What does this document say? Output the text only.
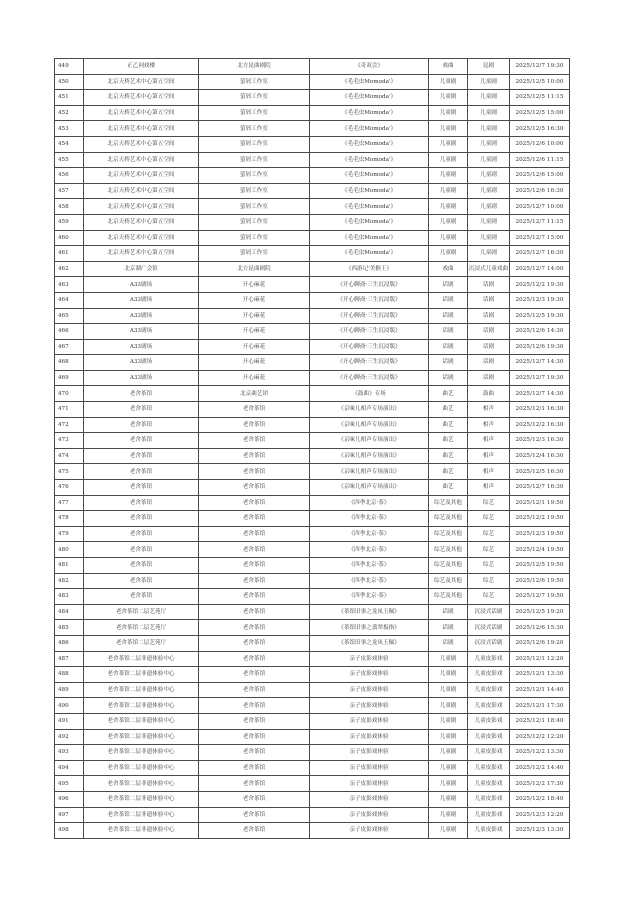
449	正乙祠戏楼	北方昆曲剧院	《奇双会》	戏曲	昆剧	2025/12/7 19:30
450	北京天桥艺术中心第五空间	萤屑工作室	《毛毛虫Momoda'》	儿童剧	儿童剧	2025/12/5 10:00
451	北京天桥艺术中心第五空间	萤屑工作室	《毛毛虫Momoda'》	儿童剧	儿童剧	2025/12/5 11:15
452	北京天桥艺术中心第五空间	萤屑工作室	《毛毛虫Momoda'》	儿童剧	儿童剧	2025/12/5 15:00
453	北京天桥艺术中心第五空间	萤屑工作室	《毛毛虫Momoda'》	儿童剧	儿童剧	2025/12/5 16:30
454	北京天桥艺术中心第五空间	萤屑工作室	《毛毛虫Momoda'》	儿童剧	儿童剧	2025/12/6 10:00
455	北京天桥艺术中心第五空间	萤屑工作室	《毛毛虫Momoda'》	儿童剧	儿童剧	2025/12/6 11:15
456	北京天桥艺术中心第五空间	萤屑工作室	《毛毛虫Momoda'》	儿童剧	儿童剧	2025/12/6 15:00
457	北京天桥艺术中心第五空间	萤屑工作室	《毛毛虫Momoda'》	儿童剧	儿童剧	2025/12/6 16:30
458	北京天桥艺术中心第五空间	萤屑工作室	《毛毛虫Momoda'》	儿童剧	儿童剧	2025/12/7 10:00
459	北京天桥艺术中心第五空间	萤屑工作室	《毛毛虫Momoda'》	儿童剧	儿童剧	2025/12/7 11:15
460	北京天桥艺术中心第五空间	萤屑工作室	《毛毛虫Momoda'》	儿童剧	儿童剧	2025/12/7 15:00
461	北京天桥艺术中心第五空间	萤屑工作室	《毛毛虫Momoda'》	儿童剧	儿童剧	2025/12/7 16:30
462	北京湖广会馆	北方昆曲剧院	《西游记'美猴王》	戏曲	沉浸式儿童戏曲	2025/12/7 14:00
463	A33剧场	开心麻花	《开心聊斋·三生沉浸版》	话剧	话剧	2025/12/2 19:30
464	A33剧场	开心麻花	《开心聊斋·三生沉浸版》	话剧	话剧	2025/12/3 19:30
465	A33剧场	开心麻花	《开心聊斋·三生沉浸版》	话剧	话剧	2025/12/5 19:30
466	A33剧场	开心麻花	《开心聊斋·三生沉浸版》	话剧	话剧	2025/12/6 14:30
467	A33剧场	开心麻花	《开心聊斋·三生沉浸版》	话剧	话剧	2025/12/6 19:30
468	A33剧场	开心麻花	《开心聊斋·三生沉浸版》	话剧	话剧	2025/12/7 14:30
469	A33剧场	开心麻花	《开心聊斋·三生沉浸版》	话剧	话剧	2025/12/7 19:30
470	老舍茶馆	北京曲艺团	《鼓曲》专场	曲艺	鼓曲	2025/12/7 14:30
471	老舍茶馆	老舍茶馆	《京味儿相声专场演出》	曲艺	相声	2025/12/1 16:30
472	老舍茶馆	老舍茶馆	《京味儿相声专场演出》	曲艺	相声	2025/12/2 16:30
473	老舍茶馆	老舍茶馆	《京味儿相声专场演出》	曲艺	相声	2025/12/3 16:30
474	老舍茶馆	老舍茶馆	《京味儿相声专场演出》	曲艺	相声	2025/12/4 16:30
475	老舍茶馆	老舍茶馆	《京味儿相声专场演出》	曲艺	相声	2025/12/5 16:30
476	老舍茶馆	老舍茶馆	《京味儿相声专场演出》	曲艺	相声	2025/12/7 16:30
477	老舍茶馆	老舍茶馆	《四季北京·茶》	综艺及其他	综艺	2025/12/1 19:50
478	老舍茶馆	老舍茶馆	《四季北京·茶》	综艺及其他	综艺	2025/12/2 19:50
479	老舍茶馆	老舍茶馆	《四季北京·茶》	综艺及其他	综艺	2025/12/3 19:50
480	老舍茶馆	老舍茶馆	《四季北京·茶》	综艺及其他	综艺	2025/12/4 19:50
481	老舍茶馆	老舍茶馆	《四季北京·茶》	综艺及其他	综艺	2025/12/5 19:50
482	老舍茶馆	老舍茶馆	《四季北京·茶》	综艺及其他	综艺	2025/12/6 19:50
483	老舍茶馆	老舍茶馆	《四季北京·茶》	综艺及其他	综艺	2025/12/7 19:50
484	老舍茶馆二层艺苑厅	老舍茶馆	《茶馆旧事之龙凤玉佩》	话剧	沉浸式话剧	2025/12/5 19:20
485	老舍茶馆二层艺苑厅	老舍茶馆	《茶馆旧事之翡翠扳指》	话剧	沉浸式话剧	2025/12/6 15:30
486	老舍茶馆二层艺苑厅	老舍茶馆	《茶馆旧事之龙凤玉佩》	话剧	沉浸式话剧	2025/12/6 19:20
487	老舍茶馆二层非遗体验中心	老舍茶馆	亲子皮影戏体验	儿童剧	儿童皮影戏	2025/12/1 12:20
488	老舍茶馆二层非遗体验中心	老舍茶馆	亲子皮影戏体验	儿童剧	儿童皮影戏	2025/12/1 13:30
489	老舍茶馆二层非遗体验中心	老舍茶馆	亲子皮影戏体验	儿童剧	儿童皮影戏	2025/12/1 14:40
490	老舍茶馆二层非遗体验中心	老舍茶馆	亲子皮影戏体验	儿童剧	儿童皮影戏	2025/12/1 17:30
491	老舍茶馆二层非遗体验中心	老舍茶馆	亲子皮影戏体验	儿童剧	儿童皮影戏	2025/12/1 18:40
492	老舍茶馆二层非遗体验中心	老舍茶馆	亲子皮影戏体验	儿童剧	儿童皮影戏	2025/12/2 12:20
493	老舍茶馆二层非遗体验中心	老舍茶馆	亲子皮影戏体验	儿童剧	儿童皮影戏	2025/12/2 13:30
494	老舍茶馆二层非遗体验中心	老舍茶馆	亲子皮影戏体验	儿童剧	儿童皮影戏	2025/12/2 14:40
495	老舍茶馆二层非遗体验中心	老舍茶馆	亲子皮影戏体验	儿童剧	儿童皮影戏	2025/12/2 17:30
496	老舍茶馆二层非遗体验中心	老舍茶馆	亲子皮影戏体验	儿童剧	儿童皮影戏	2025/12/2 18:40
497	老舍茶馆二层非遗体验中心	老舍茶馆	亲子皮影戏体验	儿童剧	儿童皮影戏	2025/12/3 12:20
498	老舍茶馆二层非遗体验中心	老舍茶馆	亲子皮影戏体验	儿童剧	儿童皮影戏	2025/12/3 13:30
